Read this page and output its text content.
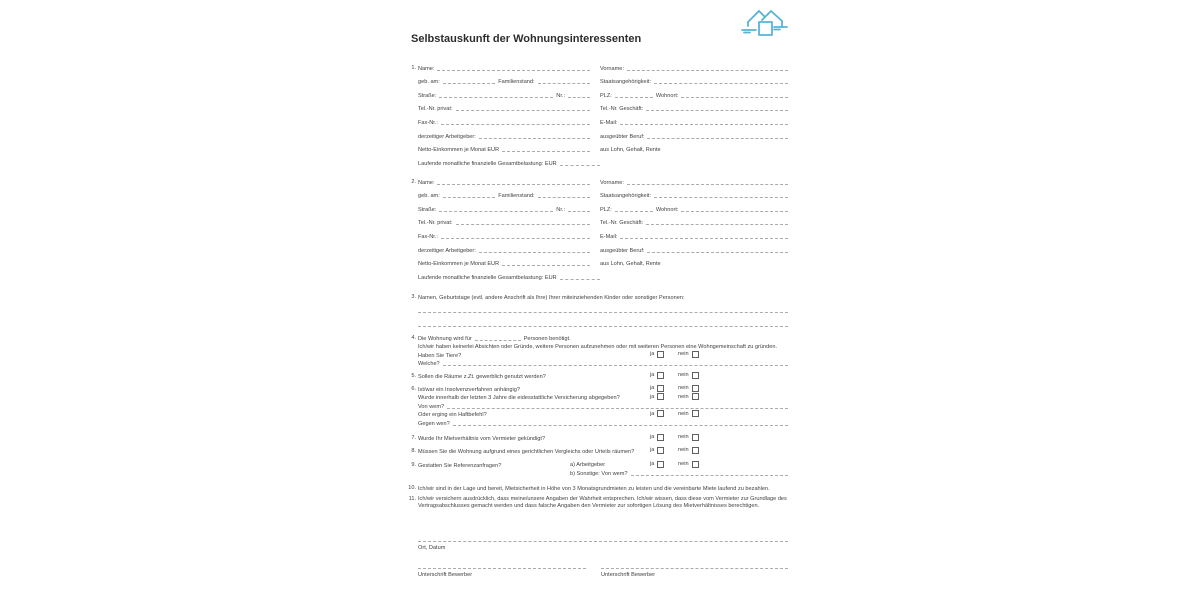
Selbstauskunft der Wohnungsinteressenten
1. Name:	Vorname:
geb. am:	Familienstand:	Staatsangehörigkeit:
Straße:	Nr.:	PLZ:	Wohnort:
Tel.-Nr. privat:	Tel.-Nr. Geschäft:
Fax-Nr.:	E-Mail:
derzeitiger Arbeitgeber:	ausgeübter Beruf:
Netto-Einkommen je Monat EUR	aus Lohn, Gehalt, Rente
Laufende monatliche finanzielle Gesamtbelastung: EUR
2. Name:	Vorname:
geb. am:	Familienstand:	Staatsangehörigkeit:
Straße:	Nr.:	PLZ:	Wohnort:
Tel.-Nr. privat:	Tel.-Nr. Geschäft:
Fax-Nr.:	E-Mail:
derzeitiger Arbeitgeber:	ausgeübter Beruf:
Netto-Einkommen je Monat EUR	aus Lohn, Gehalt, Rente
Laufende monatliche finanzielle Gesamtbelastung: EUR
3. Namen, Geburtstage (evtl. andere Anschrift als Ihre) Ihrer miteinziehenden Kinder oder sonstiger Personen:
4. Die Wohnung wird für	Personen benötigt.
Ich/wir haben keinerlei Absichten oder Gründe, weitere Personen aufzunehmen oder mit weiteren Personen eine Wohngemeinschaft zu gründen.
Haben Sie Tiere?	ja	nein
Welche?
5. Sollen die Räume z.Zt. gewerblich genutzt werden?	ja	nein
6. Ist/war ein Insolvenzverfahren anhängig?	ja	nein
Wurde innerhalb der letzten 3 Jahre die eidesstattliche Versicherung abgegeben?	ja	nein
Von wem?
Oder erging ein Haftbefehl?	ja	nein
Gegen wen?
7. Wurde Ihr Mietverhältnis vom Vermieter gekündigt?	ja	nein
8. Müssen Sie die Wohnung aufgrund eines gerichtlichen Vergleichs oder Urteils räumen?	ja	nein
9. Gestatten Sie Referenzanfragen?	a) Arbeitgeber	ja	nein
b) Sonstige: Von wem?
10. Ich/wir sind in der Lage und bereit, Mietsicherheit in Höhe von 3 Monatsgrundmieten zu leisten und die vereinbarte Miete laufend zu bezahlen.
11. Ich/wir versichern ausdrücklich, dass meine/unsere Angaben der Wahrheit entsprechen. Ich/wir wissen, dass diese vom Vermieter zur Grundlage des Vertragsabschlusses gemacht werden und dass falsche Angaben den Vermieter zur sofortigen Lösung des Mietverhältnisses berechtigen.
Ort, Datum
Unterschrift Bewerber	Unterschrift Bewerber
